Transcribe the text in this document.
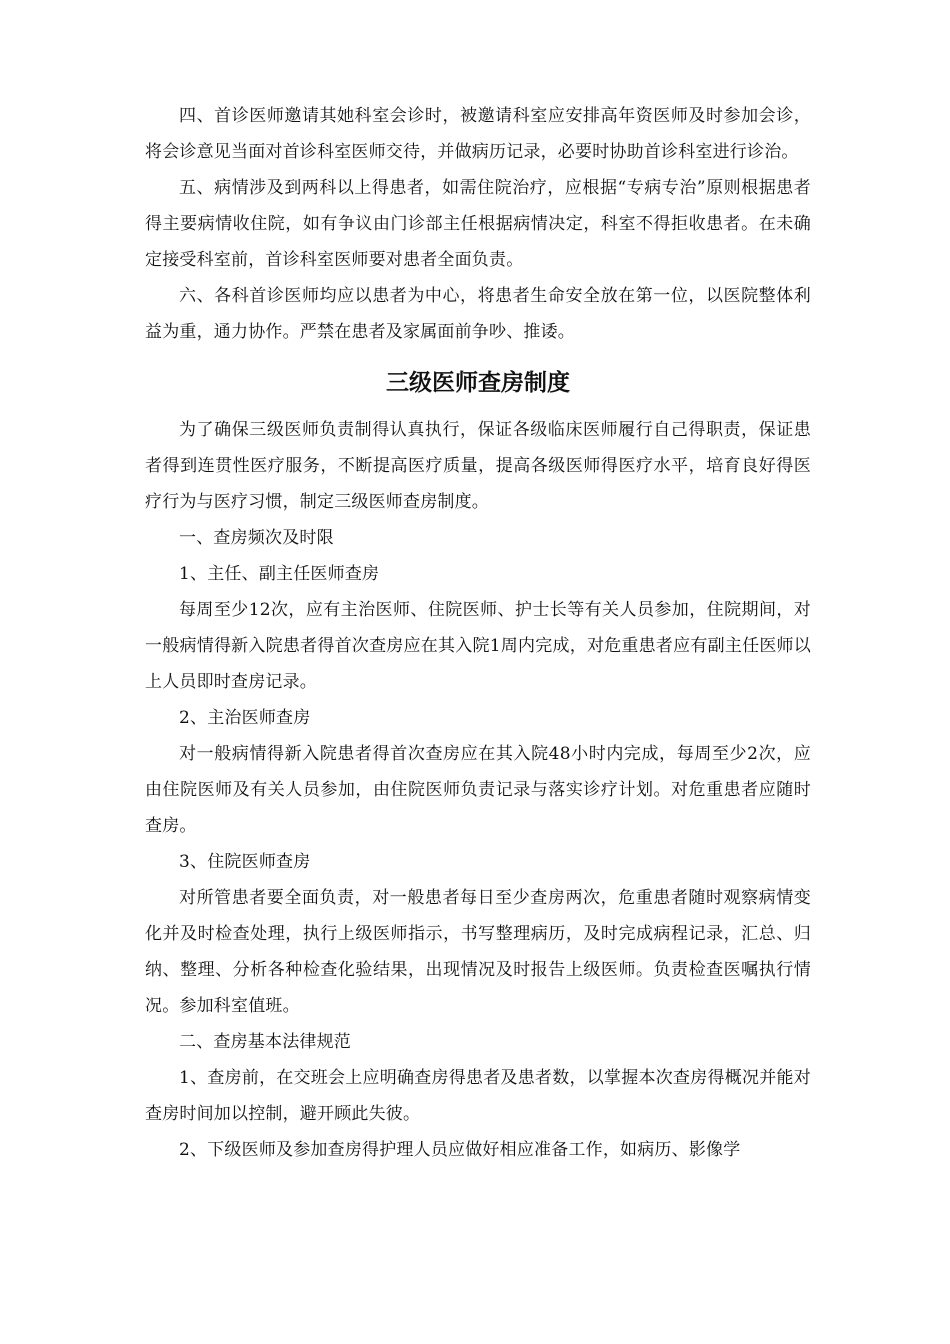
四、首诊医师邀请其她科室会诊时，被邀请科室应安排高年资医师及时参加会诊，将会诊意见当面对首诊科室医师交待，并做病历记录，必要时协助首诊科室进行诊治。

五、病情涉及到两科以上得患者，如需住院治疗，应根据“专病专治”原则根据患者得主要病情收住院，如有争议由门诊部主任根据病情决定，科室不得拒收患者。在未确定接受科室前，首诊科室医师要对患者全面负责。

六、各科首诊医师均应以患者为中心，将患者生命安全放在第一位，以医院整体利益为重，通力协作。严禁在患者及家属面前争吵、推诿。

三级医师查房制度

为了确保三级医师负责制得认真执行，保证各级临床医师履行自己得职责，保证患者得到连贯性医疗服务，不断提高医疗质量，提高各级医师得医疗水平，培育良好得医疗行为与医疗习惯，制定三级医师查房制度。

一、查房频次及时限

1、主任、副主任医师查房

每周至少12次，应有主治医师、住院医师、护士长等有关人员参加，住院期间，对一般病情得新入院患者得首次查房应在其入院1周内完成，对危重患者应有副主任医师以上人员即时查房记录。

2、主治医师查房

对一般病情得新入院患者得首次查房应在其入院48小时内完成，每周至少2次，应由住院医师及有关人员参加，由住院医师负责记录与落实诊疗计划。对危重患者应随时查房。

3、住院医师查房

对所管患者要全面负责，对一般患者每日至少查房两次，危重患者随时观察病情变化并及时检查处理，执行上级医师指示，书写整理病历，及时完成病程记录，汇总、归纳、整理、分析各种检查化验结果，出现情况及时报告上级医师。负责检查医嘱执行情况。参加科室值班。

二、查房基本法律规范

1、查房前，在交班会上应明确查房得患者及患者数，以掌握本次查房得概况并能对查房时间加以控制，避开顾此失彼。

2、下级医师及参加查房得护理人员应做好相应准备工作，如病历、影像学
